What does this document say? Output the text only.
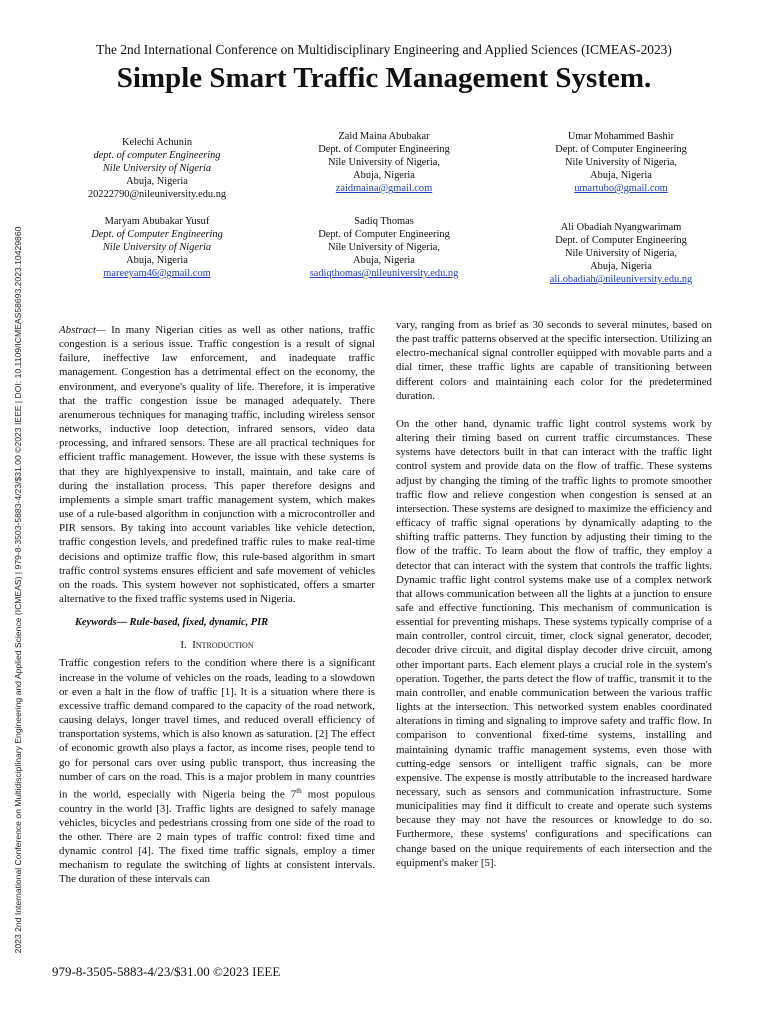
The 2nd International Conference on Multidisciplinary Engineering and Applied Sciences (ICMEAS-2023)
Simple Smart Traffic Management System.
Kelechi Achunin
dept. of computer Engineering
Nile University of Nigeria
Abuja, Nigeria
20222790@nileuniversity.edu.ng
Zaid Maina Abubakar
Dept. of Computer Engineering
Nile University of Nigeria,
Abuja, Nigeria
zaidmaina@gmail.com
Umar Mohammed Bashir
Dept. of Computer Engineering
Nile University of Nigeria,
Abuja, Nigeria
umartubo@gmail.com
Maryam Abubakar Yusuf
Dept. of Computer Engineering
Nile University of Nigeria
Abuja, Nigeria
mareeyam46@gmail.com
Sadiq Thomas
Dept. of Computer Engineering
Nile University of Nigeria,
Abuja, Nigeria
sadiqthomas@nileuniversity.edu.ng
Ali Obadiah Nyangwarimam
Dept. of Computer Engineering
Nile University of Nigeria,
Abuja, Nigeria
ali.obadiah@nileuniversity.edu.ng
2023 2nd International Conference on Multidisciplinary Engineering and Applied Science (ICMEAS) | 979-8-3503-5883-4/23/$31.00 ©2023 IEEE | DOI: 10.1109/ICMEAS58693.2023.10429860	Abstract— In many Nigerian cities as well as other nations, traffic congestion is a serious issue. Traffic congestion is a result of signal failure, ineffective law enforcement, and inadequate traffic management. Congestion has a detrimental effect on the economy, the environment, and everyone's quality of life. Therefore, it is imperative that the traffic congestion issue be managed adequately. There arenumerous techniques for managing traffic, including wireless sensor networks, inductive loop detection, infrared sensors, video data processing, and infrared sensors. These are all practical techniques for efficient traffic management. However, the issue with these systems is that they are highlyexpensive to install, maintain, and take care of during the installation process. This paper therefore designs and implements a simple smart traffic management system, which makes use of a rule-based algorithm in conjunction with a microcontroller and PIR sensors. By taking into account variables like vehicle detection, traffic congestion levels, and predefined traffic rules to make real-time decisions and optimize traffic flow, this rule-based algorithm in smart traffic control systems ensures efficient and safe movement of vehicles on the roads. This system however not sophisticated, offers a smarter alternative to the fixed traffic systems used in Nigeria.

Keywords— Rule-based, fixed, dynamic, PIR

I. Introduction

Traffic congestion refers to the condition where there is a significant increase in the volume of vehicles on the roads, leading to a slowdown or even a halt in the flow of traffic [1]. It is a situation where there is excessive traffic demand compared to the capacity of the road network, causing delays, longer travel times, and reduced overall efficiency of transportation systems, which is also known as saturation. [2] The effect of economic growth also plays a factor, as income rises, people tend to go for personal cars over using public transport, thus increasing the number of cars on the road. This is a major problem in many countries in the world, especially with Nigeria being the 7th most populous country in the world [3]. Traffic lights are designed to safely manage vehicles, bicycles and pedestrians crossing from one side of the road to the other. There are 2 main types of traffic control: fixed time and dynamic control [4]. The fixed time traffic signals, employ a timer mechanism to regulate the switching of lights at consistent intervals. The duration of these intervals can

vary, ranging from as brief as 30 seconds to several minutes, based on the past traffic patterns observed at the specific intersection. Utilizing an electro-mechanical signal controller equipped with movable parts and a dial timer, these traffic lights are capable of transitioning between different colors and maintaining each color for the predetermined duration.

On the other hand, dynamic traffic light control systems work by altering their timing based on current traffic circumstances. These systems have detectors built in that can interact with the traffic light control system and provide data on the flow of traffic. These systems adjust by changing the timing of the traffic lights to promote smoother traffic flow and relieve congestion when congestion is sensed at an intersection. These systems are designed to maximize the efficiency and efficacy of traffic signal operations by dynamically adapting to the shifting traffic patterns. They function by adjusting their timing to the flow of the traffic. To learn about the flow of traffic, they employ a detector that can interact with the system that controls the traffic lights. Dynamic traffic light control systems make use of a complex network that allows communication between all the lights at a junction to ensure safe and effective functioning. This mechanism of communication is essential for preventing mishaps. These systems typically comprise of a main controller, control circuit, timer, clock signal generator, decoder, decoder drive circuit, and digital display decoder drive circuit, among other important parts. Each element plays a crucial role in the system's operation. Together, the parts detect the flow of traffic, transmit it to the main controller, and enable communication between the various traffic lights at the intersection. This networked system enables coordinated alterations in timing and signaling to improve safety and traffic flow. In comparison to conventional fixed-time systems, installing and maintaining dynamic traffic management systems, even those with cutting-edge sensors or intelligent traffic signals, can be more expensive. The expense is mostly attributable to the increased hardware necessary, such as sensors and communication infrastructure. Some municipalities may find it difficult to create and operate such systems because they may not have the resources or knowledge to do so. Furthermore, these systems' configurations and specifications can change based on the unique requirements of each intersection and the equipment's maker [5].

979-8-3505-5883-4/23/$31.00 ©2023 IEEE
